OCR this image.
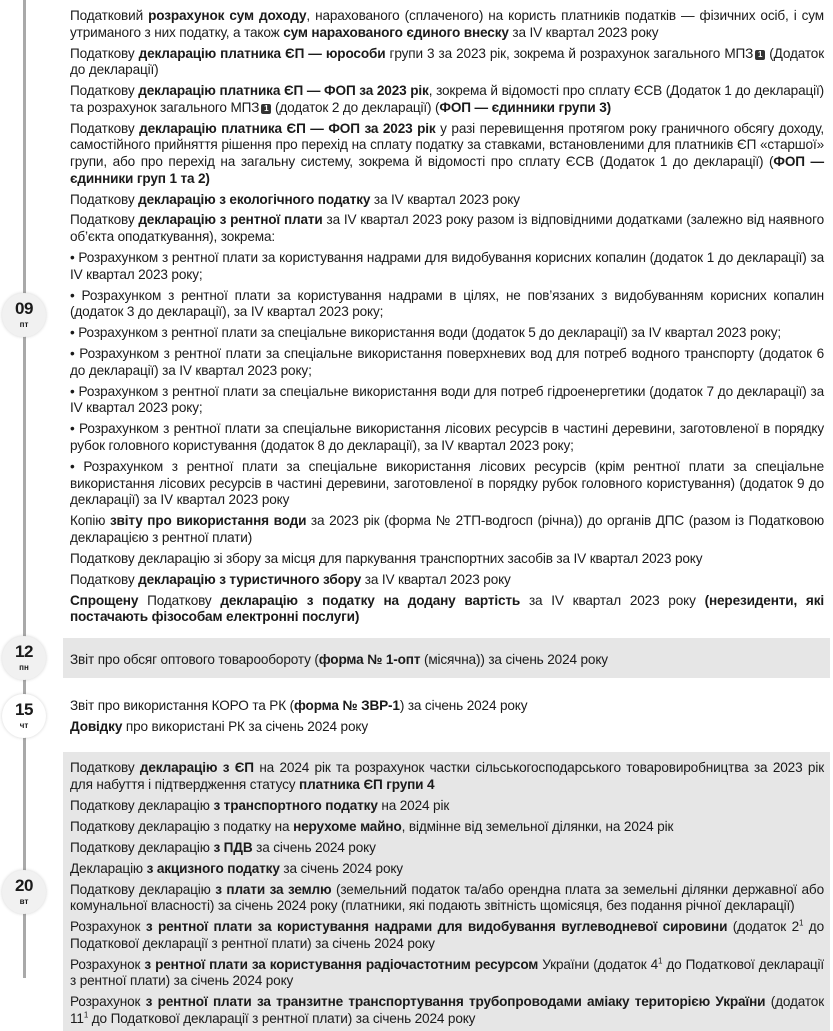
09
пт
Податковий розрахунок сум доходу, нарахованого (сплаченого) на користь платників податків — фізичних осіб, і сум утриманого з них податку, а також сум нарахованого єдиного внеску за IV квартал 2023 року
Податкову декларацію платника ЄП — юрособи групи 3 за 2023 рік, зокрема й розрахунок загального МПЗ 1 (Додаток до декларації)
Податкову декларацію платника ЄП — ФОП за 2023 рік, зокрема й відомості про сплату ЄСВ (Додаток 1 до декларації) та розрахунок загального МПЗ 1 (додаток 2 до декларації) (ФОП — єдинники групи 3)
Податкову декларацію платника ЄП — ФОП за 2023 рік у разі перевищення протягом року граничного обсягу доходу, самостійного прийняття рішення про перехід на сплату податку за ставками, встановленими для платників ЄП «старшої» групи, або про перехід на загальну систему, зокрема й відомості про сплату ЄСВ (Додаток 1 до декларації) (ФОП — єдинники груп 1 та 2)
Податкову декларацію з екологічного податку за IV квартал 2023 року
Податкову декларацію з рентної плати за IV квартал 2023 року разом із відповідними додатками (залежно від наявного об’єкта оподаткування), зокрема:
• Розрахунком з рентної плати за користування надрами для видобування корисних копалин (додаток 1 до декларації) за IV квартал 2023 року;
• Розрахунком з рентної плати за користування надрами в цілях, не пов’язаних з видобуванням корисних копалин (додаток 3 до декларації), за IV квартал 2023 року;
• Розрахунком з рентної плати за спеціальне використання води (додаток 5 до декларації) за IV квартал 2023 року;
• Розрахунком з рентної плати за спеціальне використання поверхневих вод для потреб водного транспорту (додаток 6 до декларації) за IV квартал 2023 року;
• Розрахунком з рентної плати за спеціальне використання води для потреб гідроенергетики (додаток 7 до декларації) за IV квартал 2023 року;
• Розрахунком з рентної плати за спеціальне використання лісових ресурсів в частині деревини, заготовленої в порядку рубок головного користування (додаток 8 до декларації), за IV квартал 2023 року;
• Розрахунком з рентної плати за спеціальне використання лісових ресурсів (крім рентної плати за спеціальне використання лісових ресурсів в частині деревини, заготовленої в порядку рубок головного користування) (додаток 9 до декларації) за IV квартал 2023 року
Копію звіту про використання води за 2023 рік (форма № 2ТП-водгосп (річна)) до органів ДПС (разом із Податковою декларацією з рентної плати)
Податкову декларацію зі збору за місця для паркування транспортних засобів за IV квартал 2023 року
Податкову декларацію з туристичного збору за IV квартал 2023 року
Спрощену Податкову декларацію з податку на додану вартість за IV квартал 2023 року (нерезиденти, які постачають фізособам електронні послуги)
12
пн
Звіт про обсяг оптового товарообороту (форма № 1-опт (місячна)) за січень 2024 року
15
чт
Звіт про використання КОРО та РК (форма № ЗВР-1) за січень 2024 року
Довідку про використані РК за січень 2024 року
20
вт
Податкову декларацію з ЄП на 2024 рік та розрахунок частки сільськогосподарського товаровиробництва за 2023 рік для набуття і підтвердження статусу платника ЄП групи 4
Податкову декларацію з транспортного податку на 2024 рік
Податкову декларацію з податку на нерухоме майно, відмінне від земельної ділянки, на 2024 рік
Податкову декларацію з ПДВ за січень 2024 року
Декларацію з акцизного податку за січень 2024 року
Податкову декларацію з плати за землю (земельний податок та/або орендна плата за земельні ділянки державної або комунальної власності) за січень 2024 року (платники, які подають звітність щомісяця, без подання річної декларації)
Розрахунок з рентної плати за користування надрами для видобування вуглеводневої сировини (додаток $2^1$ до Податкової декларації з рентної плати) за січень 2024 року
Розрахунок з рентної плати за користування радіочастотним ресурсом України (додаток $4^1$ до Податкової декларації з рентної плати) за січень 2024 року
Розрахунок з рентної плати за транзитне транспортування трубопроводами аміаку територією України (додаток $11^1$ до Податкової декларації з рентної плати) за січень 2024 року
